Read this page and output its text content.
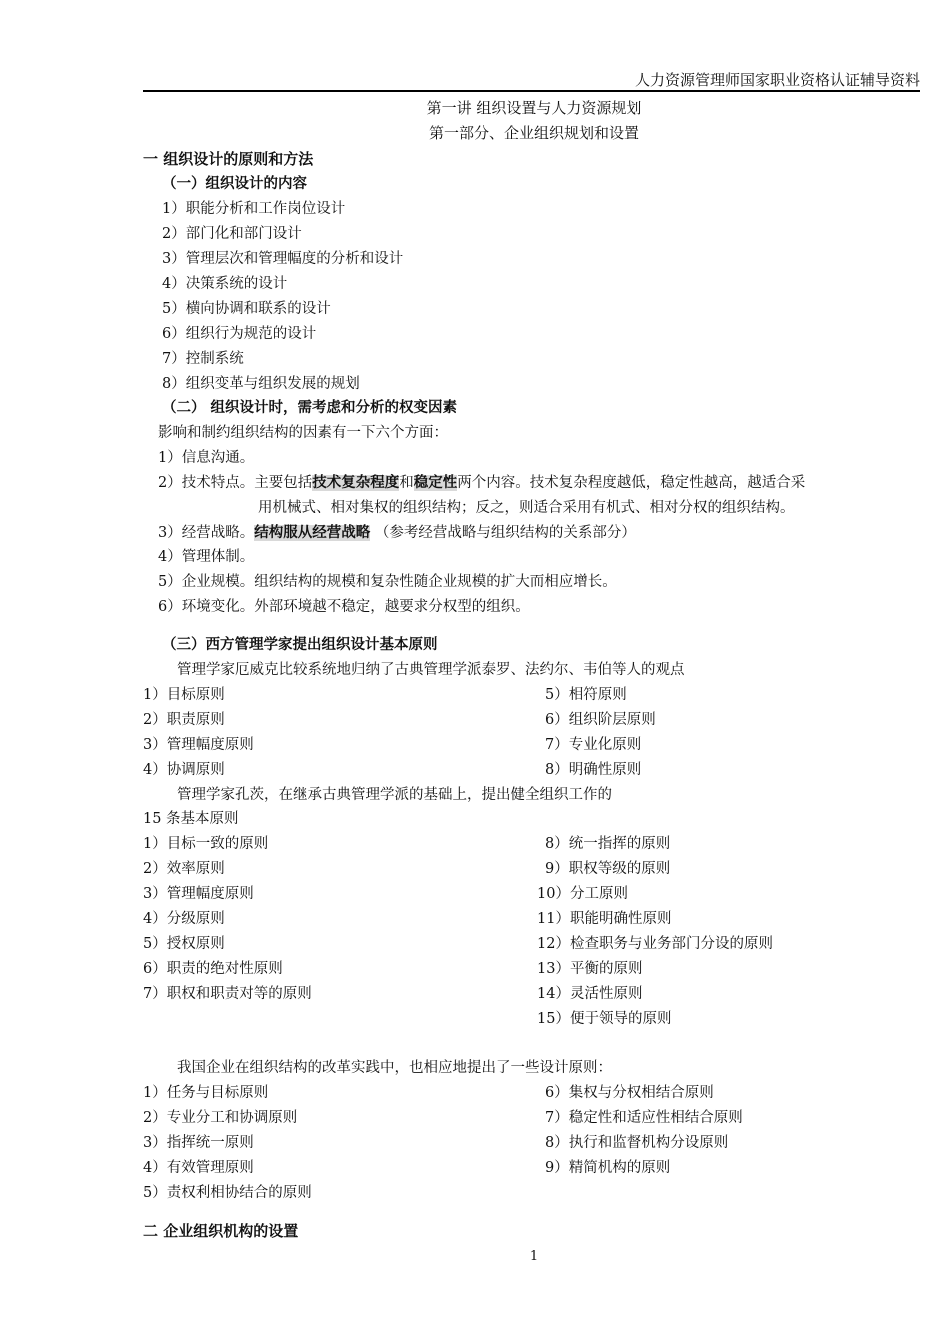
人力资源管理师国家职业资格认证辅导资料
第一讲 组织设置与人力资源规划
第一部分、企业组织规划和设置
一 组织设计的原则和方法
（一）组织设计的内容
1）职能分析和工作岗位设计
2）部门化和部门设计
3）管理层次和管理幅度的分析和设计
4）决策系统的设计
5）横向协调和联系的设计
6）组织行为规范的设计
7）控制系统
8）组织变革与组织发展的规划
（二） 组织设计时，需考虑和分析的权变因素
影响和制约组织结构的因素有一下六个方面：
1）信息沟通。
2）技术特点。主要包括技术复杂程度和稳定性两个内容。技术复杂程度越低，稳定性越高，越适合采
用机械式、相对集权的组织结构；反之，则适合采用有机式、相对分权的组织结构。
3）经营战略。结构服从经营战略 （参考经营战略与组织结构的关系部分）
4）管理体制。
5）企业规模。组织结构的规模和复杂性随企业规模的扩大而相应增长。
6）环境变化。外部环境越不稳定，越要求分权型的组织。
（三）西方管理学家提出组织设计基本原则
管理学家厄威克比较系统地归纳了古典管理学派泰罗、法约尔、韦伯等人的观点
1）目标原则
2）职责原则
3）管理幅度原则
4）协调原则
5）相符原则
6）组织阶层原则
7）专业化原则
8）明确性原则
管理学家孔茨，在继承古典管理学派的基础上，提出健全组织工作的
15 条基本原则
1）目标一致的原则
2）效率原则
3）管理幅度原则
4）分级原则
5）授权原则
6）职责的绝对性原则
7）职权和职责对等的原则
8）统一指挥的原则
9）职权等级的原则
10）分工原则
11）职能明确性原则
12）检查职务与业务部门分设的原则
13）平衡的原则
14）灵活性原则
15）便于领导的原则
我国企业在组织结构的改革实践中，也相应地提出了一些设计原则：
1）任务与目标原则
2）专业分工和协调原则
3）指挥统一原则
4）有效管理原则
5）责权利相协结合的原则
6）集权与分权相结合原则
7）稳定性和适应性相结合原则
8）执行和监督机构分设原则
9）精简机构的原则
二 企业组织机构的设置
1
